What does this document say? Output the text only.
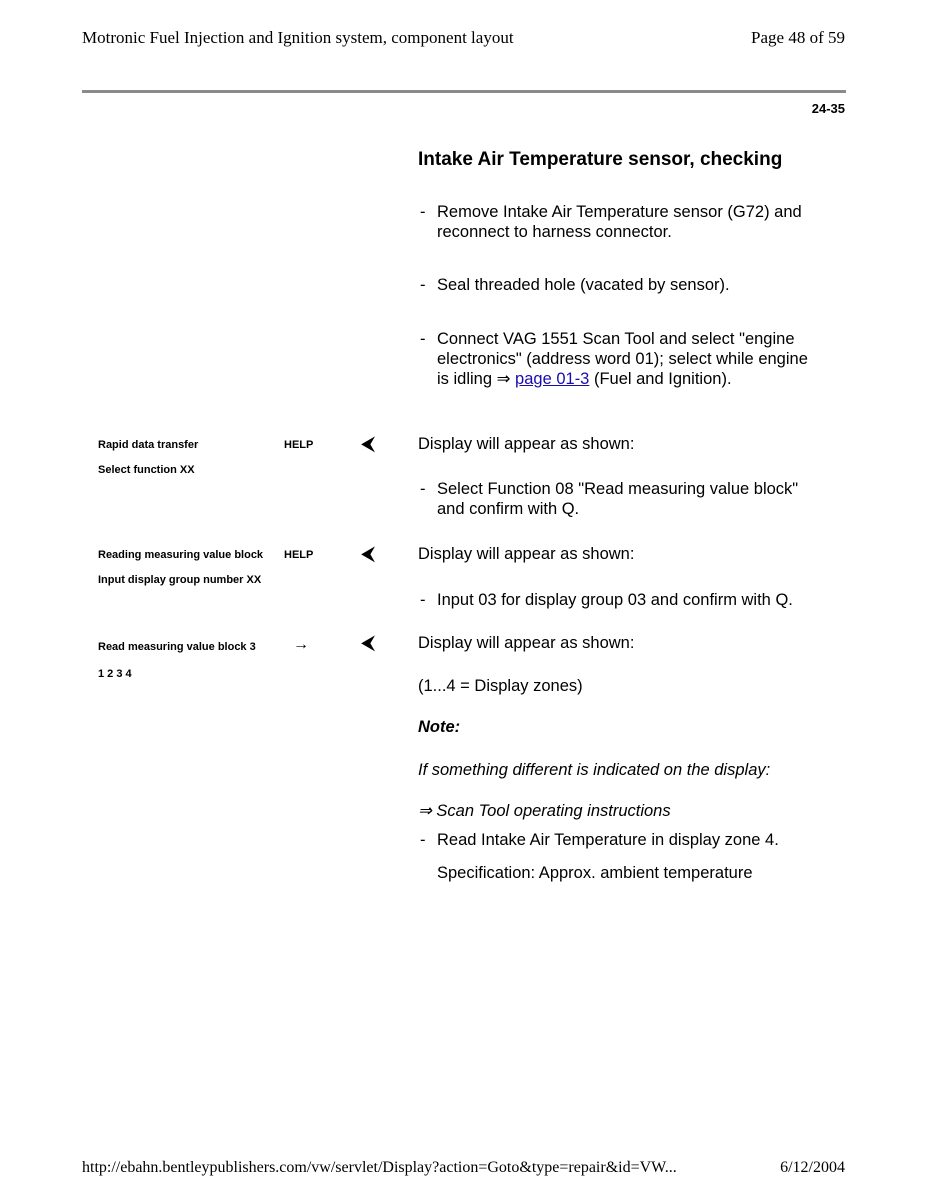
Motronic Fuel Injection and Ignition system, component layout	Page 48 of 59
24-35
Intake Air Temperature sensor, checking
- Remove Intake Air Temperature sensor (G72) and reconnect to harness connector.
- Seal threaded hole (vacated by sensor).
- Connect VAG 1551 Scan Tool and select "engine electronics" (address word 01); select while engine is idling ⇒ page 01-3 (Fuel and Ignition).
Rapid data transfer	HELP
Select function XX
⮜	Display will appear as shown:
- Select Function 08 "Read measuring value block" and confirm with Q.
Reading measuring value block HELP
Input display group number XX
⮜	Display will appear as shown:
- Input 03 for display group 03 and confirm with Q.
Read measuring value block 3 →
1 2 3 4
⮜	Display will appear as shown:
(1...4 = Display zones)
Note:
If something different is indicated on the display:
⇒ Scan Tool operating instructions
- Read Intake Air Temperature in display zone 4.
Specification: Approx. ambient temperature
http://ebahn.bentleypublishers.com/vw/servlet/Display?action=Goto&type=repair&id=VW...	6/12/2004
